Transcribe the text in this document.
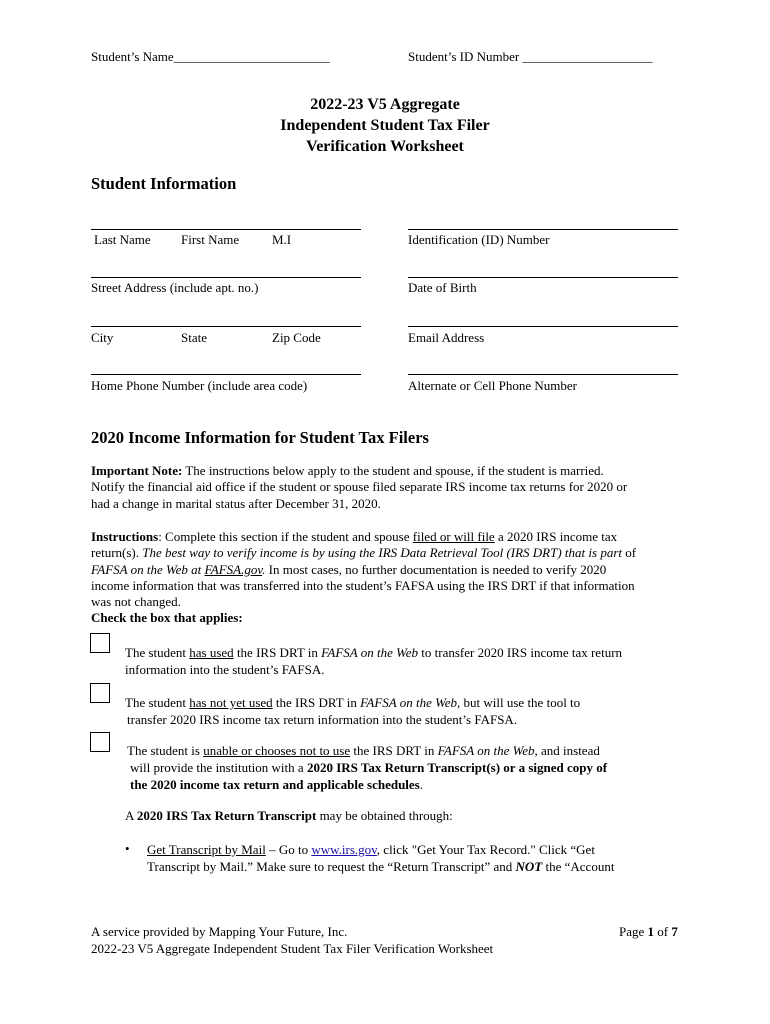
Student’s Name________________________	Student’s ID Number ____________________
2022-23 V5 Aggregate
Independent Student Tax Filer
Verification Worksheet
Student Information
Last Name First Name	M.I	Identification (ID) Number
Street Address (include apt. no.)	Date of Birth
City	State	Zip Code	Email Address
Home Phone Number (include area code)	Alternate or Cell Phone Number
2020 Income Information for Student Tax Filers
Important Note: The instructions below apply to the student and spouse, if the student is married.
Notify the financial aid office if the student or spouse filed separate IRS income tax returns for 2020 or
had a change in marital status after December 31, 2020.
Instructions: Complete this section if the student and spouse filed or will file a 2020 IRS income tax
return(s). The best way to verify income is by using the IRS Data Retrieval Tool (IRS DRT) that is part of
FAFSA on the Web at FAFSA.gov. In most cases, no further documentation is needed to verify 2020
income information that was transferred into the student’s FAFSA using the IRS DRT if that information
was not changed.
Check the box that applies:
The student has used the IRS DRT in FAFSA on the Web to transfer 2020 IRS income tax return
information into the student’s FAFSA.
The student has not yet used the IRS DRT in FAFSA on the Web, but will use the tool to
transfer 2020 IRS income tax return information into the student’s FAFSA.
The student is unable or chooses not to use the IRS DRT in FAFSA on the Web, and instead
will provide the institution with a 2020 IRS Tax Return Transcript(s) or a signed copy of
the 2020 income tax return and applicable schedules.
A 2020 IRS Tax Return Transcript may be obtained through:
• Get Transcript by Mail – Go to www.irs.gov, click "Get Your Tax Record." Click “Get
Transcript by Mail.” Make sure to request the “Return Transcript” and NOT the “Account
A service provided by Mapping Your Future, Inc.
2022-23 V5 Aggregate Independent Student Tax Filer Verification Worksheet
Page 1 of 7
